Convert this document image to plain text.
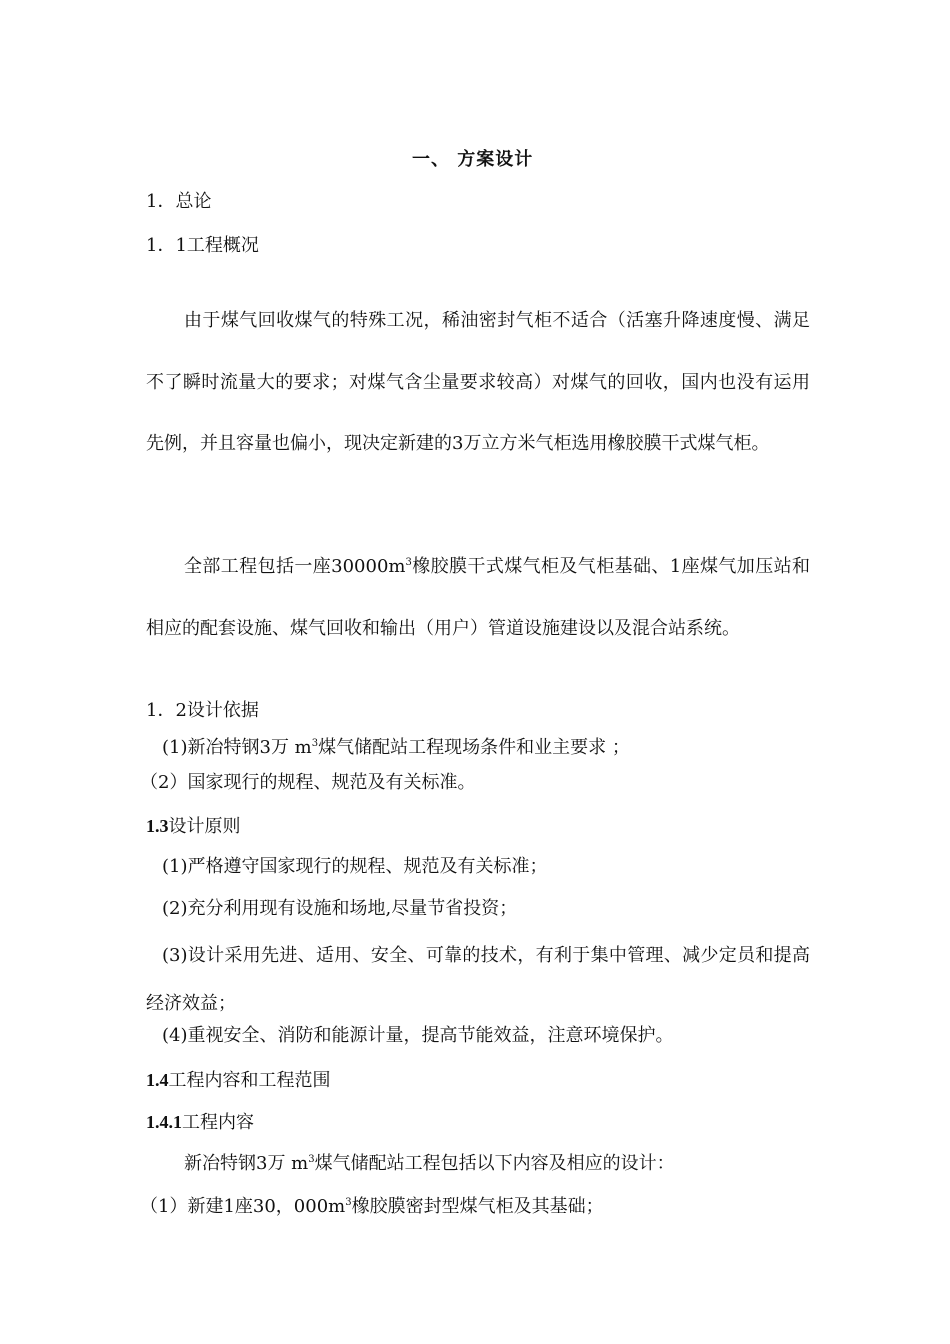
一、 方案设计
1．总论
1．1工程概况
由于煤气回收煤气的特殊工况，稀油密封气柜不适合（活塞升降速度慢、满足不了瞬时流量大的要求；对煤气含尘量要求较高）对煤气的回收，国内也没有运用先例，并且容量也偏小，现决定新建的3万立方米气柜选用橡胶膜干式煤气柜。
全部工程包括一座$30000m^3$橡胶膜干式煤气柜及气柜基础、1座煤气加压站和相应的配套设施、煤气回收和输出（用户）管道设施建设以及混合站系统。
1．2设计依据
(1)新冶特钢3万 $m^3$煤气储配站工程现场条件和业主要求 ；
（2）国家现行的规程、规范及有关标准。
1.3设计原则
(1)严格遵守国家现行的规程、规范及有关标准；
(2)充分利用现有设施和场地,尽量节省投资；
(3)设计采用先进、适用、安全、可靠的技术，有利于集中管理、减少定员和提高经济效益；
(4)重视安全、消防和能源计量，提高节能效益，注意环境保护。
1.4工程内容和工程范围
1.4.1工程内容
新冶特钢3万 $m^3$煤气储配站工程包括以下内容及相应的设计：
（1）新建1座30，$000m^3$橡胶膜密封型煤气柜及其基础；
